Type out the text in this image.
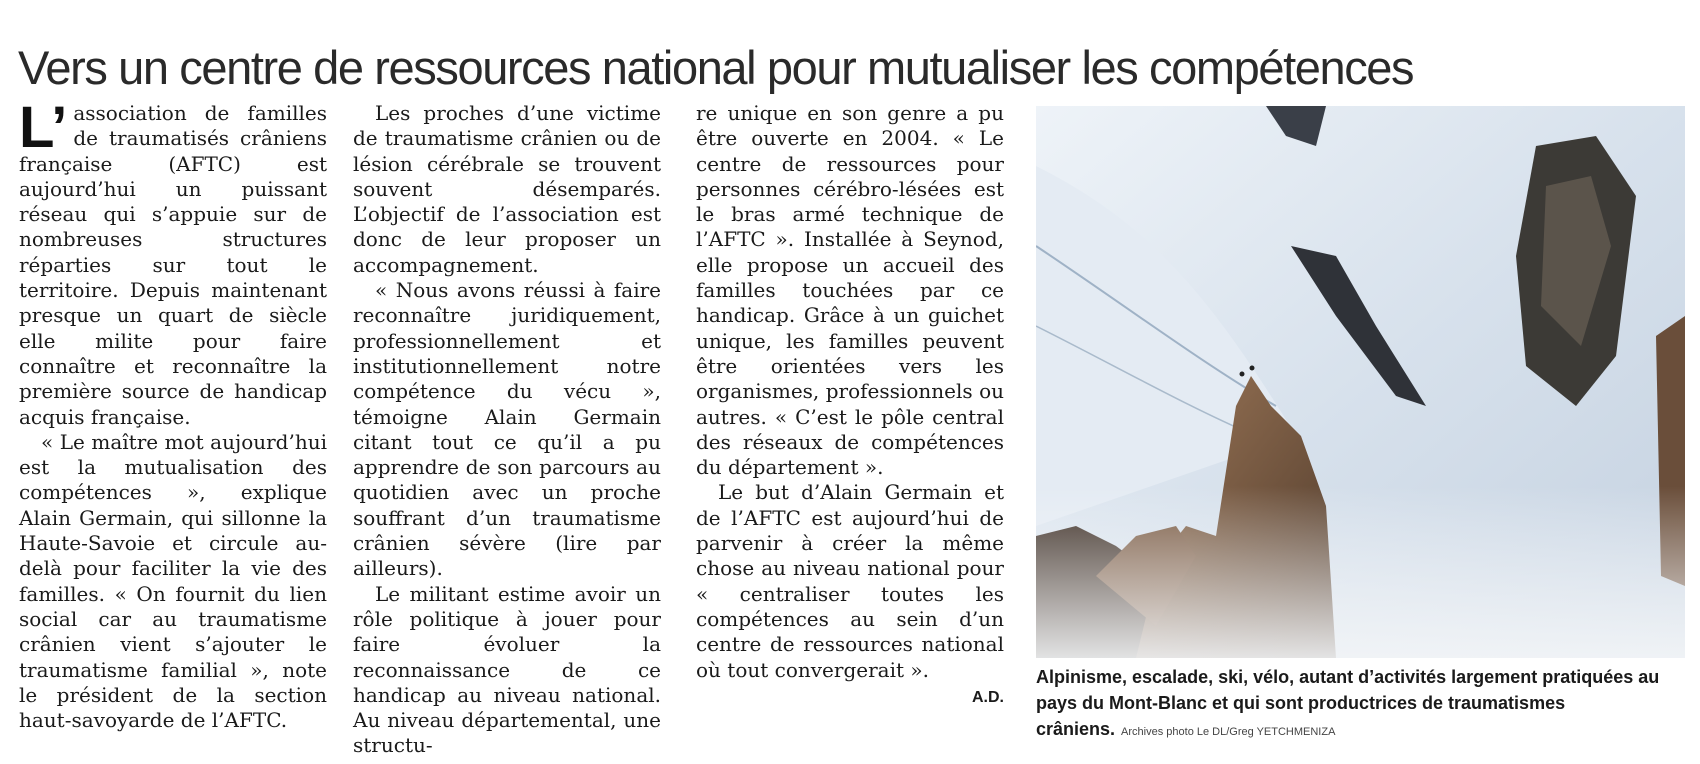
Vers un centre de ressources national pour mutualiser les compétences

L’ association de familles de traumatisés crâniens française (AFTC) est aujourd’hui un puissant réseau qui s’appuie sur de nombreuses structures réparties sur tout le territoire. Depuis maintenant presque un quart de siècle elle milite pour faire connaître et reconnaître la première source de handicap acquis française.

« Le maître mot aujourd’hui est la mutualisation des compétences », explique Alain Germain, qui sillonne la Haute-Savoie et circule au-delà pour faciliter la vie des familles. « On fournit du lien social car au traumatisme crânien vient s’ajouter le traumatisme familial », note le président de la section haut-savoyarde de l’AFTC.

Les proches d’une victime de traumatisme crânien ou de lésion cérébrale se trouvent souvent désemparés. L’objectif de l’association est donc de leur proposer un accompagnement.

« Nous avons réussi à faire reconnaître juridiquement, professionnellement et institutionnellement notre compétence du vécu », témoigne Alain Germain citant tout ce qu’il a pu apprendre de son parcours au quotidien avec un proche souffrant d’un traumatisme crânien sévère (lire par ailleurs).

Le militant estime avoir un rôle politique à jouer pour faire évoluer la reconnaissance de ce handicap au niveau national. Au niveau départemental, une structu-

re unique en son genre a pu être ouverte en 2004. « Le centre de ressources pour personnes cérébro-lésées est le bras armé technique de l’AFTC ». Installée à Seynod, elle propose un accueil des familles touchées par ce handicap. Grâce à un guichet unique, les familles peuvent être orientées vers les organismes, professionnels ou autres. « C’est le pôle central des réseaux de compétences du département ».

Le but d’Alain Germain et de l’AFTC est aujourd’hui de parvenir à créer la même chose au niveau national pour « centraliser toutes les compétences au sein d’un centre de ressources national où tout convergerait ».

A.D.
Alpinisme, escalade, ski, vélo, autant d’activités largement pratiquées au pays du Mont-Blanc et qui sont productrices de traumatismes crâniens. Archives photo Le DL/Greg YETCHMENIZA
